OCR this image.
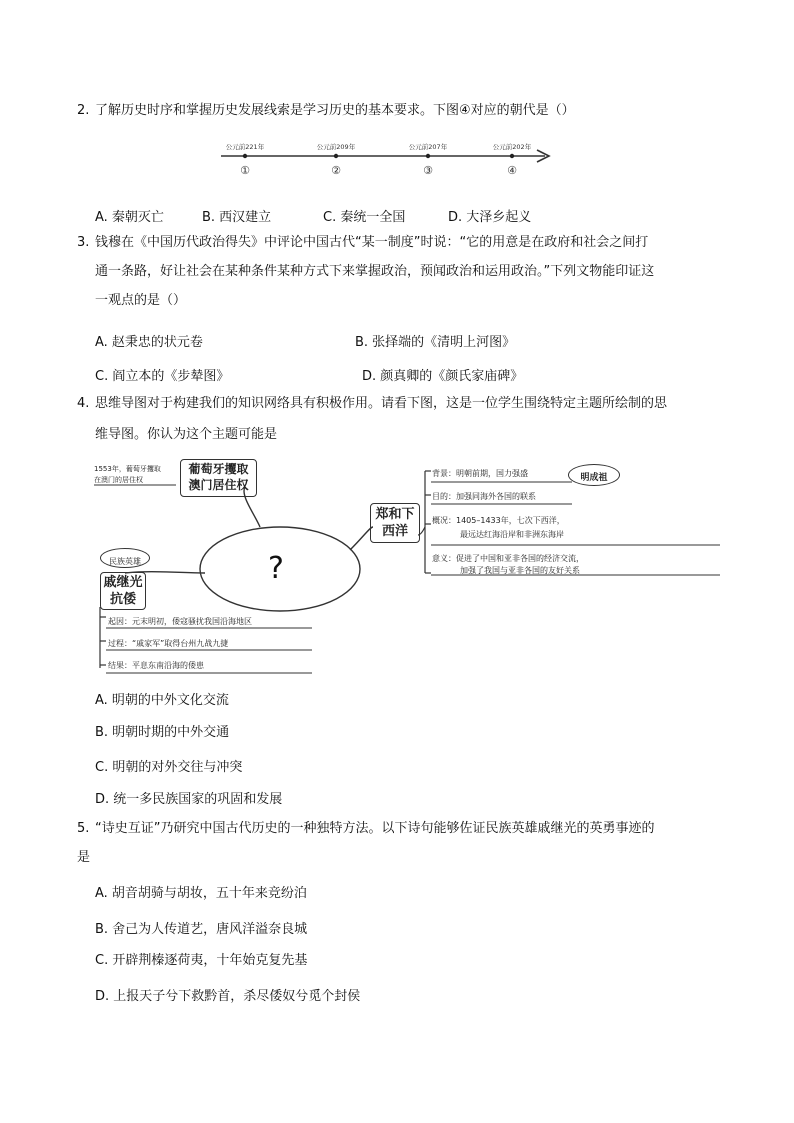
2. 了解历史时序和掌握历史发展线索是学习历史的基本要求。下图④对应的朝代是（）
公元前221年	公元前209年	公元前207年	公元前202年
①	②	③	④
A. 秦朝灭亡	B. 西汉建立	C. 秦统一全国	D. 大泽乡起义
3. 钱穆在《中国历代政治得失》中评论中国古代“某一制度”时说：“它的用意是在政府和社会之间打
通一条路，好让社会在某种条件某种方式下来掌握政治，预闻政治和运用政治。”下列文物能印证这
一观点的是（）
A. 赵秉忠的状元卷	B. 张择端的《清明上河图》
C. 阎立本的《步辇图》	D. 颜真卿的《颜氏家庙碑》
4. 思维导图对于构建我们的知识网络具有积极作用。请看下图，这是一位学生围绕特定主题所绘制的思
维导图。你认为这个主题可能是
?
1553年，葡萄牙攫取
在澳门的居住权
葡萄牙攫取
澳门居住权
郑和下
西洋
背景：明朝前期，国力强盛
目的：加强同海外各国的联系
概况：1405–1433年，七次下西洋，
最远达红海沿岸和非洲东海岸
意义：促进了中国和亚非各国的经济交流，
加强了我国与亚非各国的友好关系
明成祖
民族英雄
戚继光
抗倭
起因：元末明初，倭寇骚扰我国沿海地区
过程：“戚家军”取得台州九战九捷
结果：平息东南沿海的倭患
A. 明朝的中外文化交流
B. 明朝时期的中外交通
C. 明朝的对外交往与冲突
D. 统一多民族国家的巩固和发展
5. “诗史互证”乃研究中国古代历史的一种独特方法。以下诗句能够佐证民族英雄戚继光的英勇事迹的
是
A. 胡音胡骑与胡妆，五十年来竞纷泊
B. 舍己为人传道艺，唐风洋溢奈良城
C. 开辟荆榛逐荷夷，十年始克复先基
D. 上报天子兮下救黔首，杀尽倭奴兮觅个封侯
